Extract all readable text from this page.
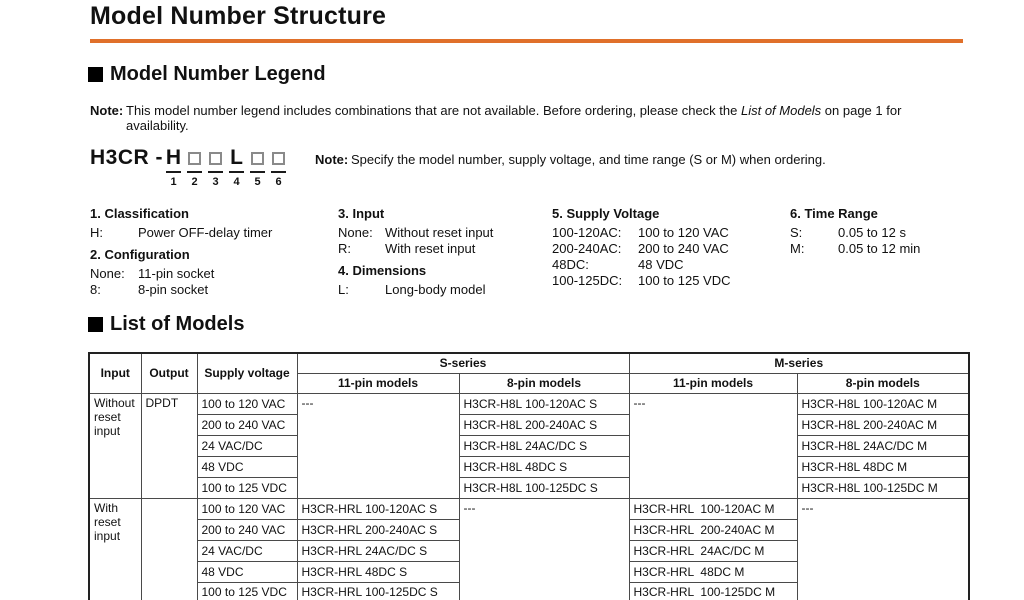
Model Number Structure
Model Number Legend
Note: This model number legend includes combinations that are not available. Before ordering, please check the List of Models on page 1 for
availability.
H3CR - H
1 2 3
L
4 5 6
Note: Specify the model number, supply voltage, and time range (S or M) when ordering.
1. Classification
H:	Power OFF-delay timer
2. Configuration
None:	11-pin socket
8:	8-pin socket
3. Input
None: Without reset input
R:	With reset input
4. Dimensions
L:	Long-body model
5. Supply Voltage
100-120AC:	100 to 120 VAC
200-240AC:	200 to 240 VAC
48DC:	48 VDC
100-125DC:	100 to 125 VDC
6. Time Range
S:	0.05 to 12 s
M:	0.05 to 12 min
List of Models
Input	Output	Supply voltage	S-series		M-series	
			11-pin models	8-pin models	11-pin models	8-pin models
Without reset input	DPDT	100 to 120 VAC	---	H3CR-H8L 100-120AC S	---	H3CR-H8L 100-120AC M
		200 to 240 VAC		H3CR-H8L 200-240AC S		H3CR-H8L 200-240AC M
		24 VAC/DC		H3CR-H8L 24AC/DC S		H3CR-H8L 24AC/DC M
		48 VDC		H3CR-H8L 48DC S		H3CR-H8L 48DC M
		100 to 125 VDC		H3CR-H8L 100-125DC S		H3CR-H8L 100-125DC M
With reset input		100 to 120 VAC	H3CR-HRL 100-120AC S	---	H3CR-HRL  100-120AC M	---
		200 to 240 VAC	H3CR-HRL 200-240AC S		H3CR-HRL  200-240AC M	
		24 VAC/DC	H3CR-HRL 24AC/DC S		H3CR-HRL  24AC/DC M	
		48 VDC	H3CR-HRL 48DC S		H3CR-HRL  48DC M	
		100 to 125 VDC	H3CR-HRL 100-125DC S		H3CR-HRL  100-125DC M	
